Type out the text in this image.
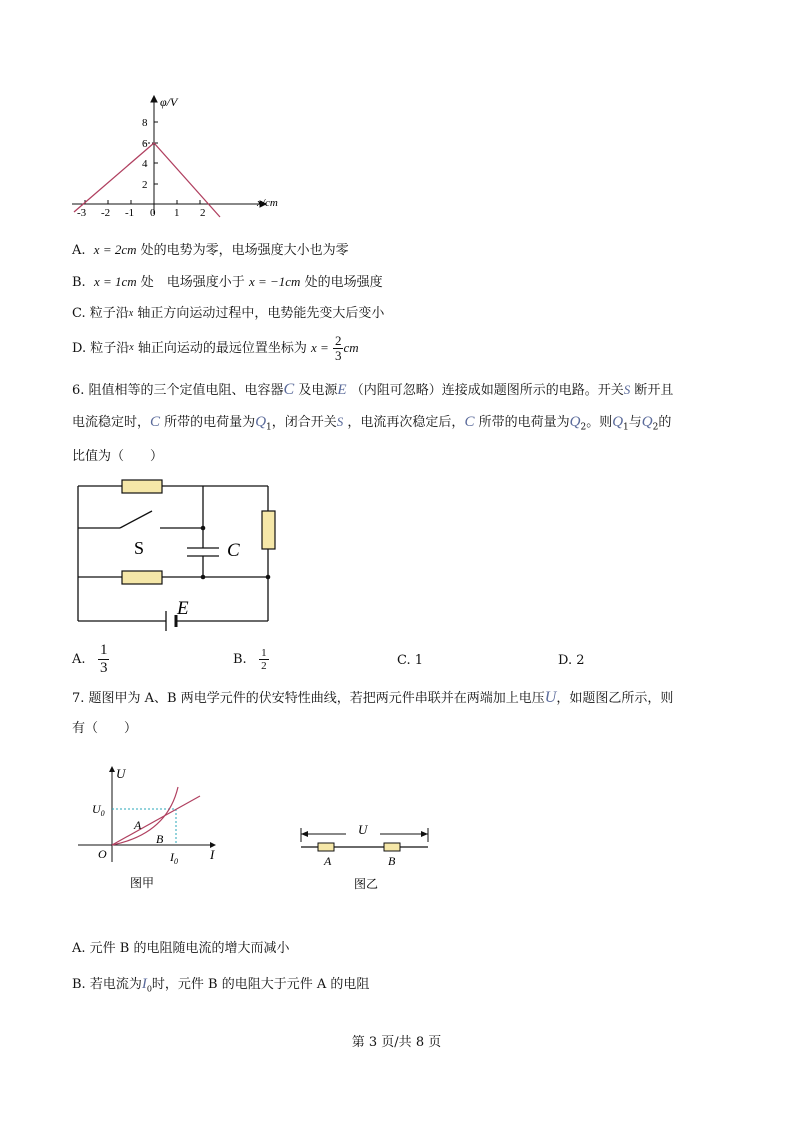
φ/V
x/cm
8
6
4
2
-3 -2 -1 0 1 2
A. x = 2cm 处的电势为零，电场强度大小也为零
B. x = 1cm 处　电场强度小于 x = −1cm 处的电场强度
C. 粒子沿$^x$ 轴正方向运动过程中，电势能先变大后变小
D. 粒子沿$^x$ 轴正向运动的最远位置坐标为 $x = \frac{2}{3}$ cm
6. 阻值相等的三个定值电阻、电容器C 及电源E （内阻可忽略）连接成如题图所示的电路。开关S 断开且
电流稳定时，C 所带的电荷量为$Q_1$，闭合开关S ，电流再次稳定后，C 所带的电荷量为$Q_2$。则$Q_1$与$Q_2$的
比值为（　　）
S	C
E
A. $\frac{1}{3}$	B. $\frac{1}{2}$	C. 1	D. 2
7. 题图甲为 A、B 两电学元件的伏安特性曲线，若把两元件串联并在两端加上电压U，如题图乙所示，则
有（　　）
U
I
O
$U_0$
$I_0$
A
B
图甲
U
A	B
图乙
A. 元件 B 的电阻随电流的增大而减小
B. 若电流为$I_0$时，元件 B 的电阻大于元件 A 的电阻
第 3 页/共 8 页
